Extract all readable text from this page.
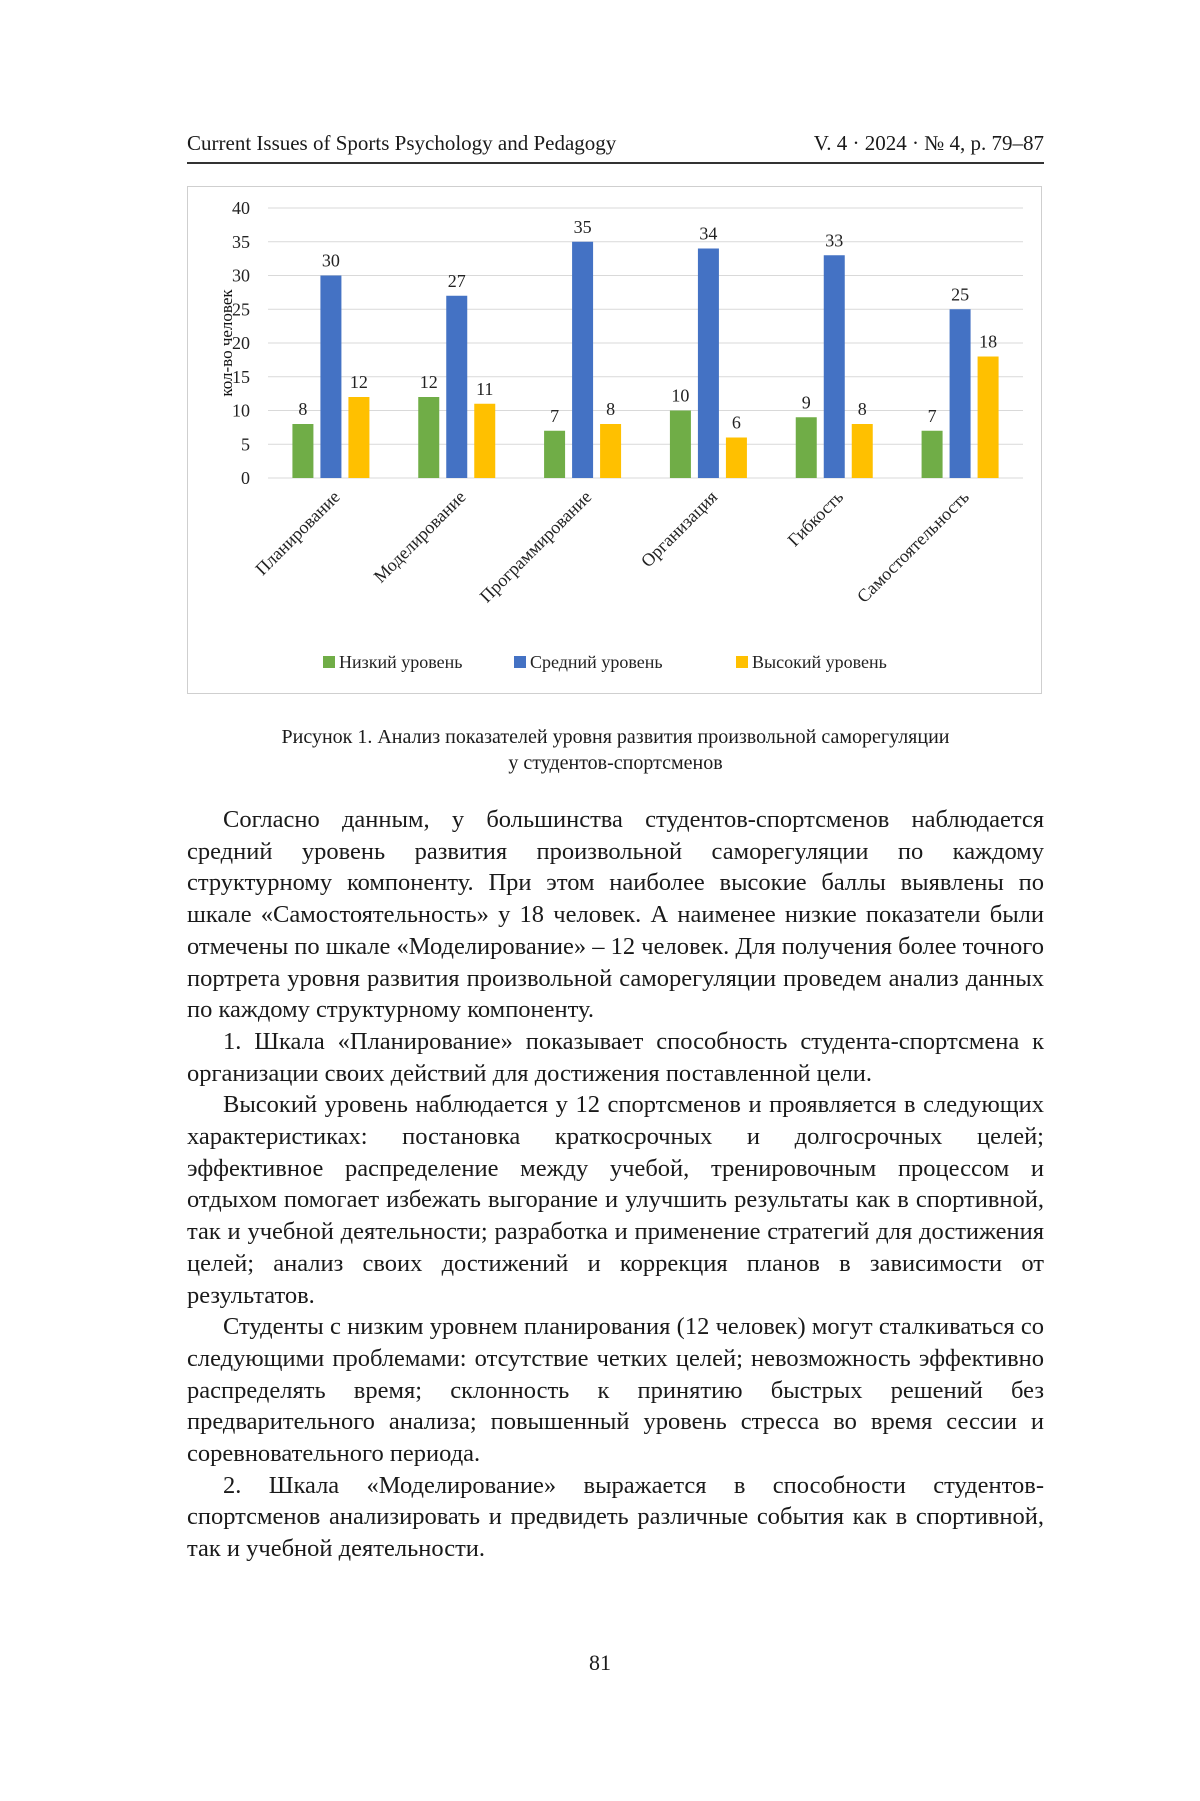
Current Issues of Sports Psychology and Pedagogy	V. 4 · 2024 · № 4, p. 79–87
0
5
10
15
20
25
30
35
40
кол-во человек
8
30
12
Планирование
12
27
11
Моделирование
7
35
8
Программирование
10
34
6
Организация
9
33
8
Гибкость
7
25
18
Самостоятельность
Низкий уровень	Средний уровень	Высокий уровень
Рисунок 1. Анализ показателей уровня развития произвольной саморегуляции
у студентов-спортсменов

Согласно данным, у большинства студентов-спортсменов наблюдается средний уровень развития произвольной саморегуляции по каждому структурному компоненту. При этом наиболее высокие баллы выявлены по шкале «Самостоятельность» у 18 человек. А наименее низкие показатели были отмечены по шкале «Моделирование» – 12 человек. Для получения более точного портрета уровня развития произвольной саморегуляции проведем анализ данных по каждому структурному компоненту.

1. Шкала «Планирование» показывает способность студента-спортсмена к организации своих действий для достижения поставленной цели.

Высокий уровень наблюдается у 12 спортсменов и проявляется в следующих характеристиках: постановка краткосрочных и долгосрочных целей; эффективное распределение между учебой, тренировочным процессом и отдыхом помогает избежать выгорание и улучшить результаты как в спортивной, так и учебной деятельности; разработка и применение стратегий для достижения целей; анализ своих достижений и коррекция планов в зависимости от результатов.

Студенты с низким уровнем планирования (12 человек) могут сталкиваться со следующими проблемами: отсутствие четких целей; невозможность эффективно распределять время; склонность к принятию быстрых решений без предварительного анализа; повышенный уровень стресса во время сессии и соревновательного периода.

2. Шкала «Моделирование» выражается в способности студентов-спортсменов анализировать и предвидеть различные события как в спортивной, так и учебной деятельности.

81
